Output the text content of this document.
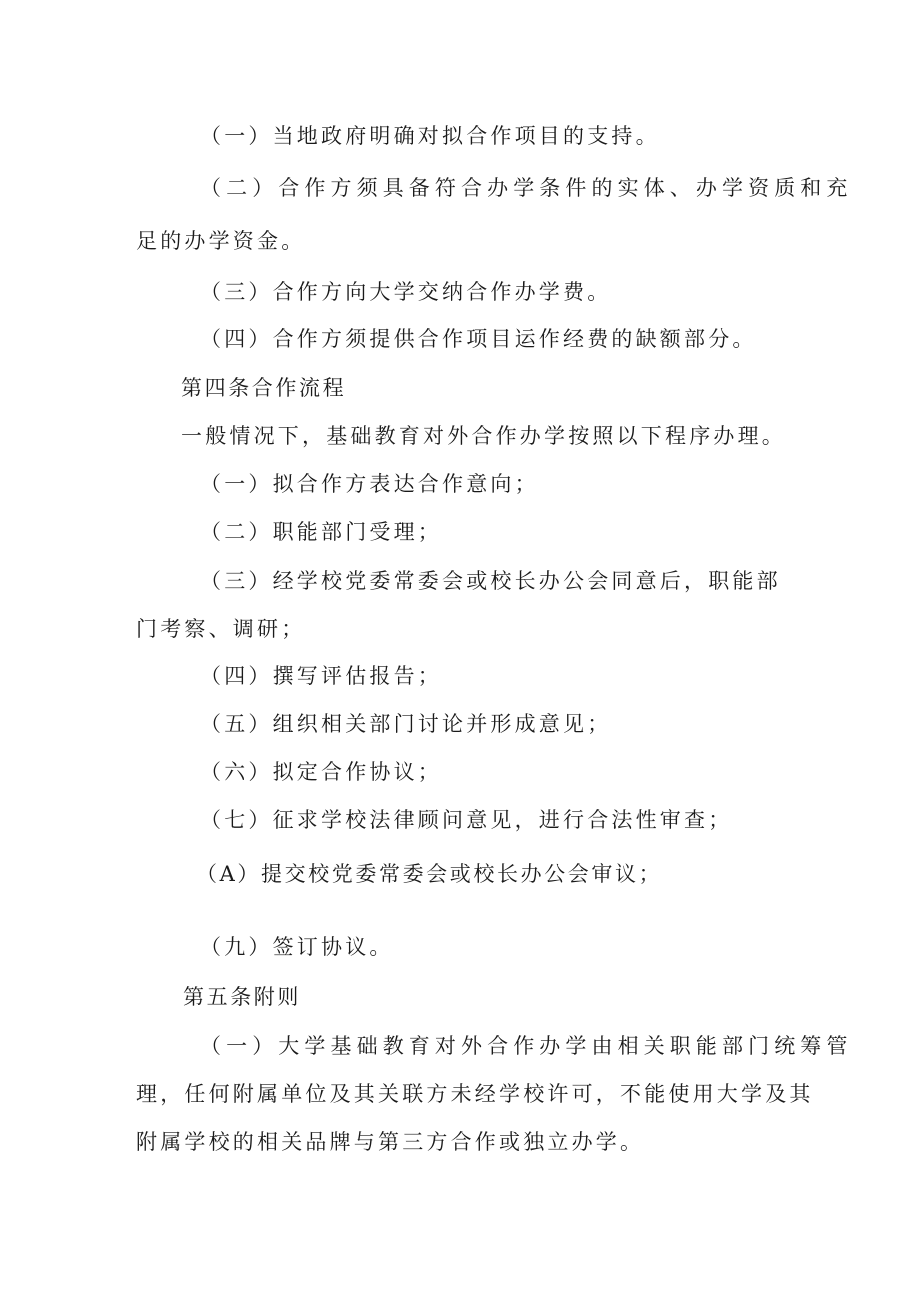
（一）当地政府明确对拟合作项目的支持。
（二）合作方须具备符合办学条件的实体、办学资质和充
足的办学资金。
（三）合作方向大学交纳合作办学费。
（四）合作方须提供合作项目运作经费的缺额部分。
第四条合作流程
一般情况下，基础教育对外合作办学按照以下程序办理。
（一）拟合作方表达合作意向；
（二）职能部门受理；
（三）经学校党委常委会或校长办公会同意后，职能部
门考察、调研；
（四）撰写评估报告；
（五）组织相关部门讨论并形成意见；
（六）拟定合作协议；
（七）征求学校法律顾问意见，进行合法性审查；
（A）提交校党委常委会或校长办公会审议；
（九）签订协议。
第五条附则
（一）大学基础教育对外合作办学由相关职能部门统筹管
理，任何附属单位及其关联方未经学校许可，不能使用大学及其
附属学校的相关品牌与第三方合作或独立办学。
